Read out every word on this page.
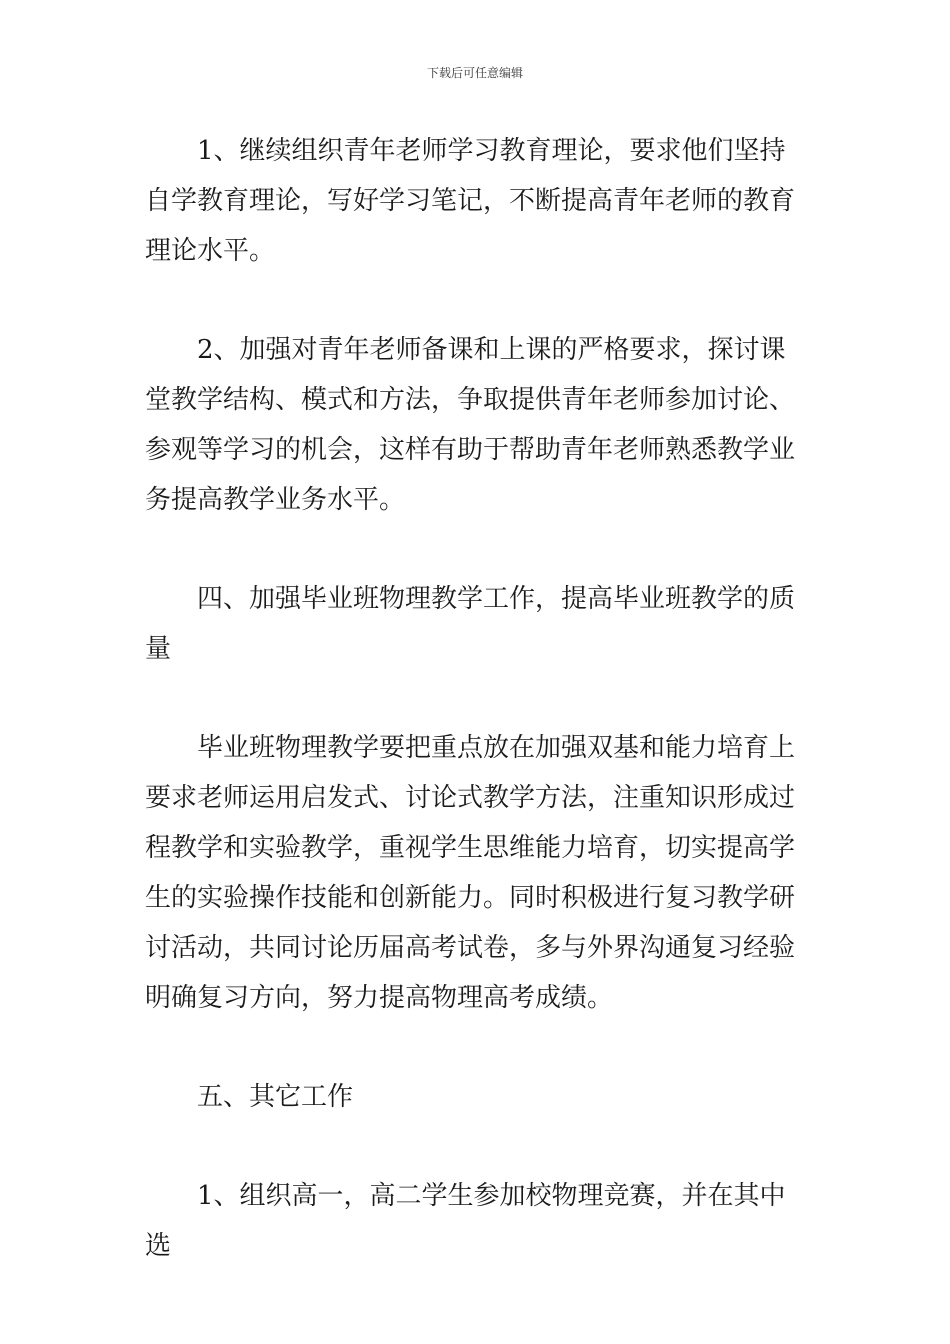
下载后可任意编辑

1、继续组织青年老师学习教育理论，要求他们坚持自学教育理论，写好学习笔记，不断提高青年老师的教育理论水平。

2、加强对青年老师备课和上课的严格要求，探讨课堂教学结构、模式和方法，争取提供青年老师参加讨论、参观等学习的机会，这样有助于帮助青年老师熟悉教学业务提高教学业务水平。

四、加强毕业班物理教学工作，提高毕业班教学的质量

毕业班物理教学要把重点放在加强双基和能力培育上要求老师运用启发式、讨论式教学方法，注重知识形成过程教学和实验教学，重视学生思维能力培育，切实提高学生的实验操作技能和创新能力。同时积极进行复习教学研讨活动，共同讨论历届高考试卷，多与外界沟通复习经验明确复习方向，努力提高物理高考成绩。

五、其它工作

1、组织高一，高二学生参加校物理竞赛，并在其中选
